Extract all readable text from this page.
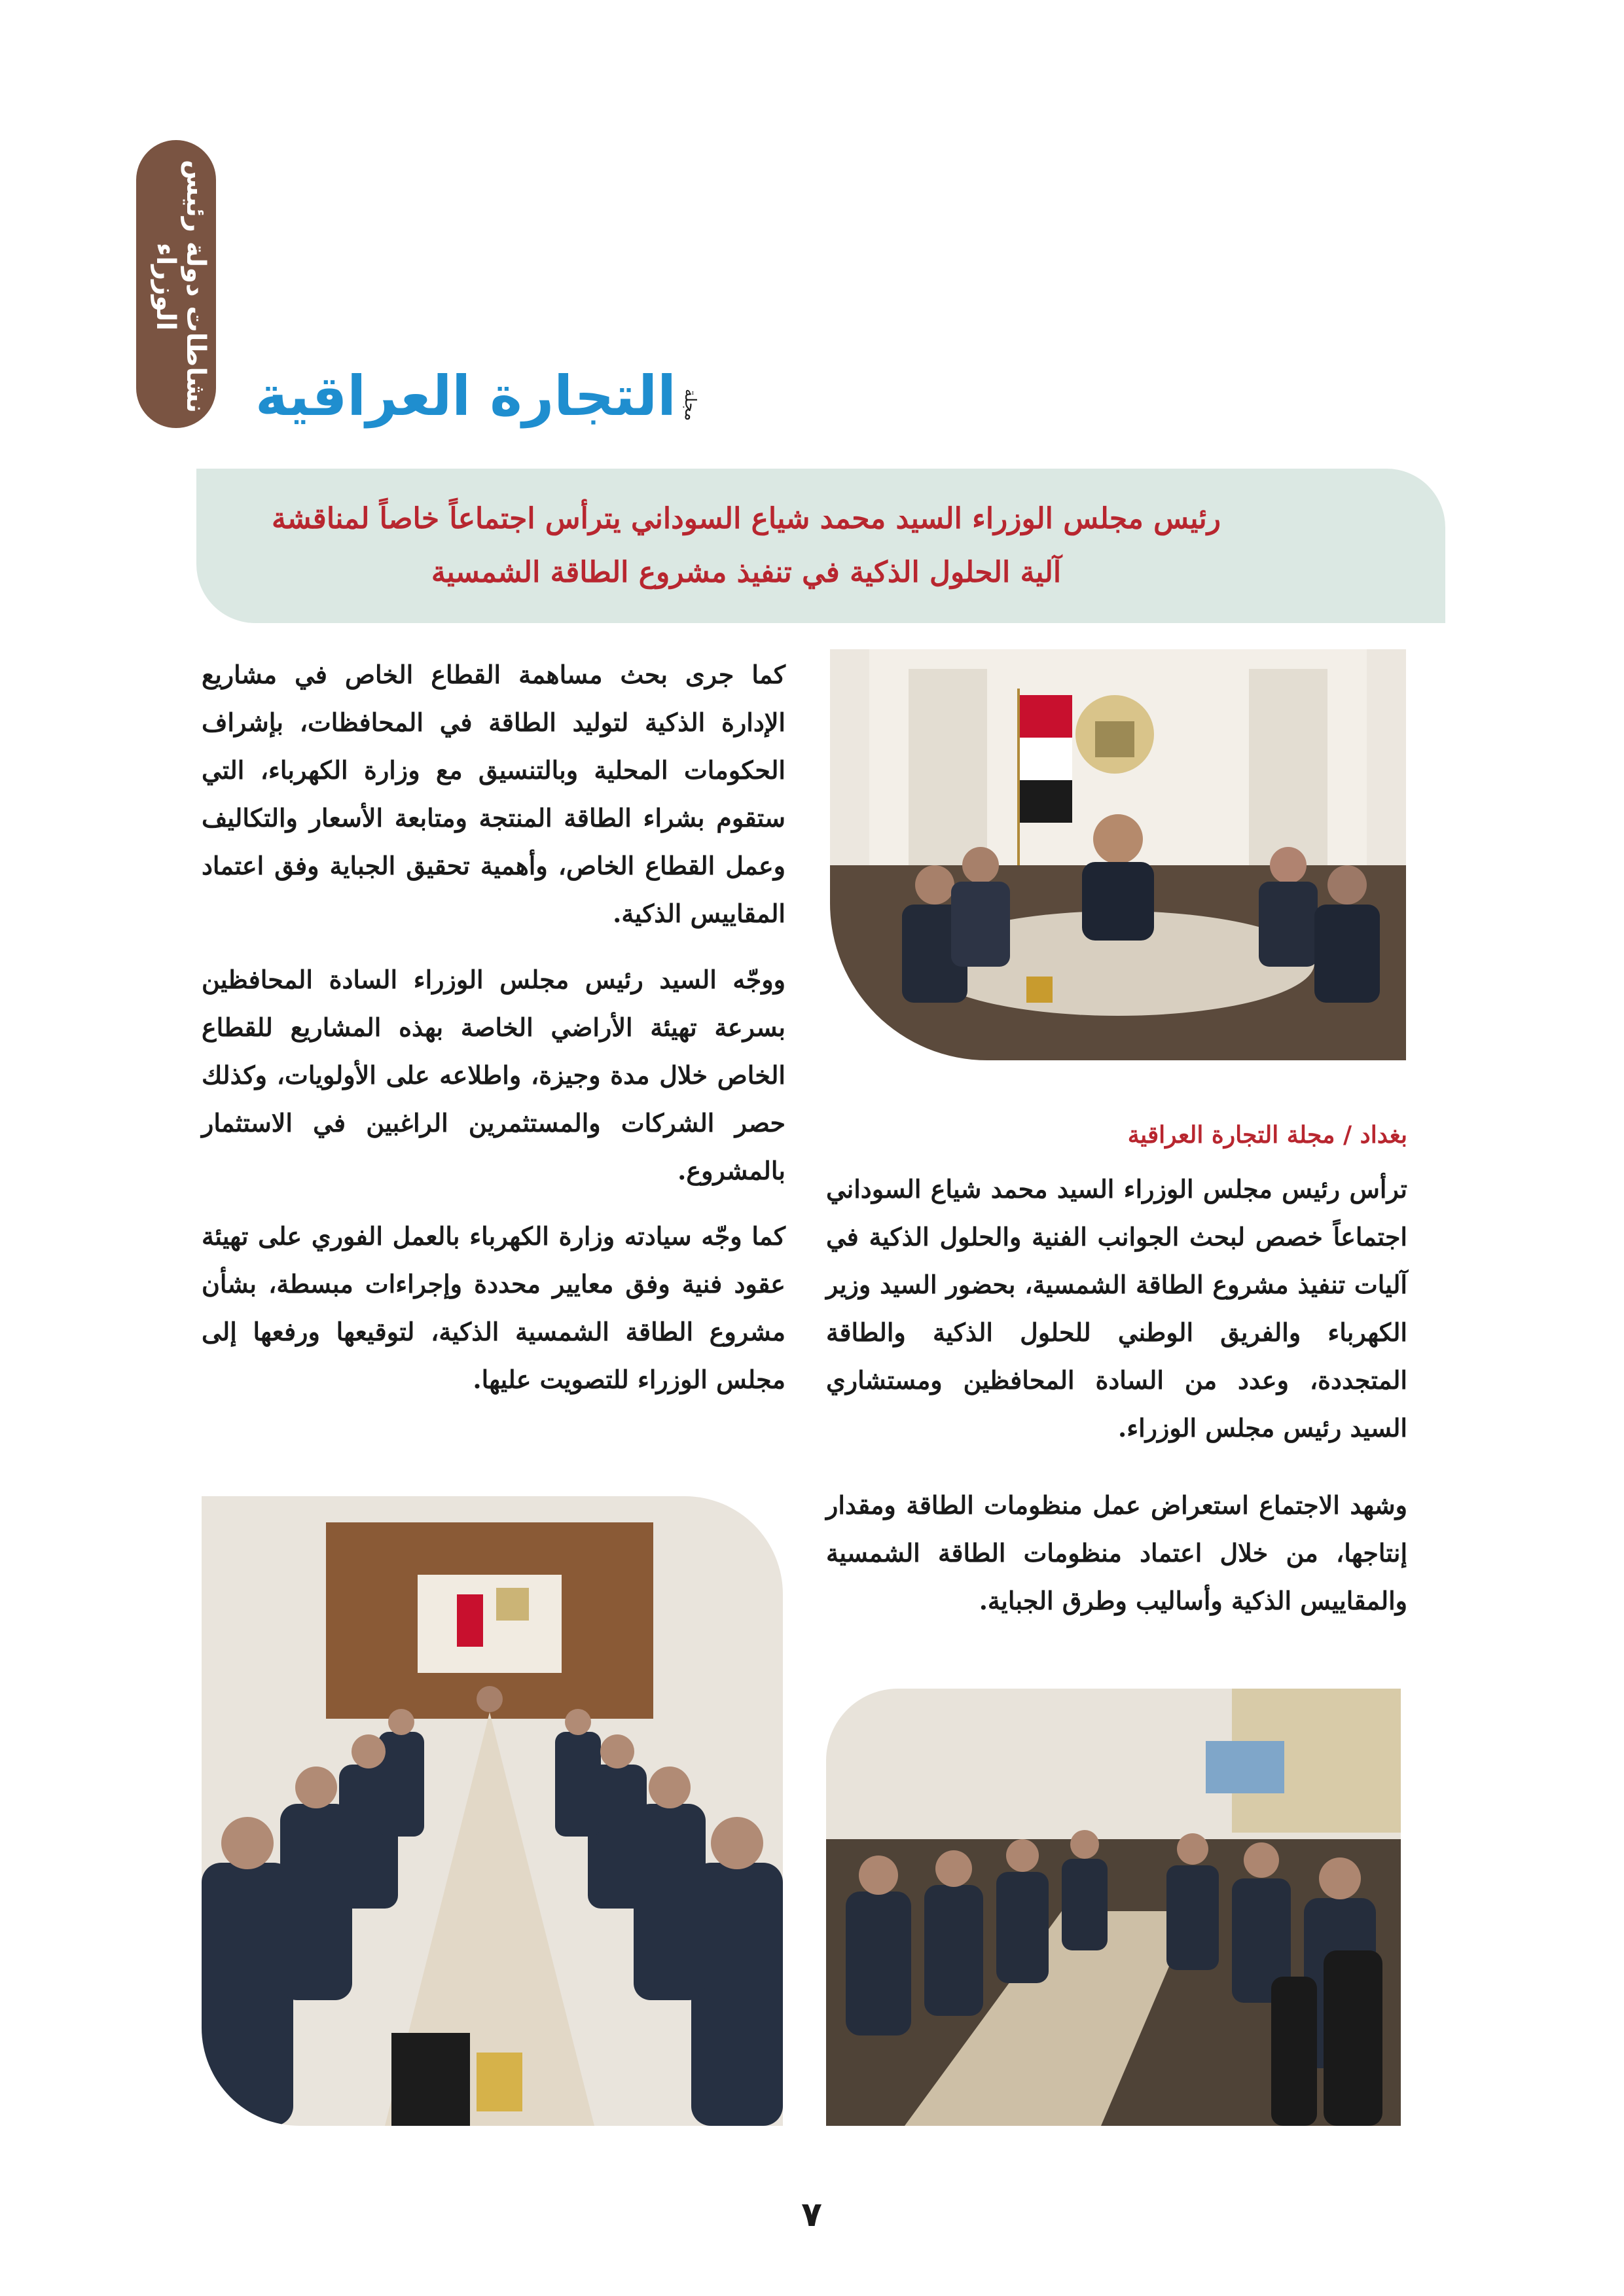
نشاطات دولة رئيس الوزراء
مجلة
التجارة العراقية
رئيس مجلس الوزراء السيد محمد شياع السوداني يترأس اجتماعاً خاصاً لمناقشة
آلية الحلول الذكية في تنفيذ مشروع الطاقة الشمسية
بغداد / مجلة التجارة العراقية

ترأس رئيس مجلس الوزراء السيد محمد شياع السوداني اجتماعاً خصص لبحث الجوانب الفنية والحلول الذكية في آليات تنفيذ مشروع الطاقة الشمسية، بحضور السيد وزير الكهرباء والفريق الوطني للحلول الذكية والطاقة المتجددة، وعدد من السادة المحافظين ومستشاري السيد رئيس مجلس الوزراء.

وشهد الاجتماع استعراض عمل منظومات الطاقة ومقدار إنتاجها، من خلال اعتماد منظومات الطاقة الشمسية والمقاييس الذكية وأساليب وطرق الجباية.

كما جرى بحث مساهمة القطاع الخاص في مشاريع الإدارة الذكية لتوليد الطاقة في المحافظات، بإشراف الحكومات المحلية وبالتنسيق مع وزارة الكهرباء، التي ستقوم بشراء الطاقة المنتجة ومتابعة الأسعار والتكاليف وعمل القطاع الخاص، وأهمية تحقيق الجباية وفق اعتماد المقاييس الذكية.

ووجّه السيد رئيس مجلس الوزراء السادة المحافظين بسرعة تهيئة الأراضي الخاصة بهذه المشاريع للقطاع الخاص خلال مدة وجيزة، واطلاعه على الأولويات، وكذلك حصر الشركات والمستثمرين الراغبين في الاستثمار بالمشروع.

كما وجّه سيادته وزارة الكهرباء بالعمل الفوري على تهيئة عقود فنية وفق معايير محددة وإجراءات مبسطة، بشأن مشروع الطاقة الشمسية الذكية، لتوقيعها ورفعها إلى مجلس الوزراء للتصويت عليها.

٧
